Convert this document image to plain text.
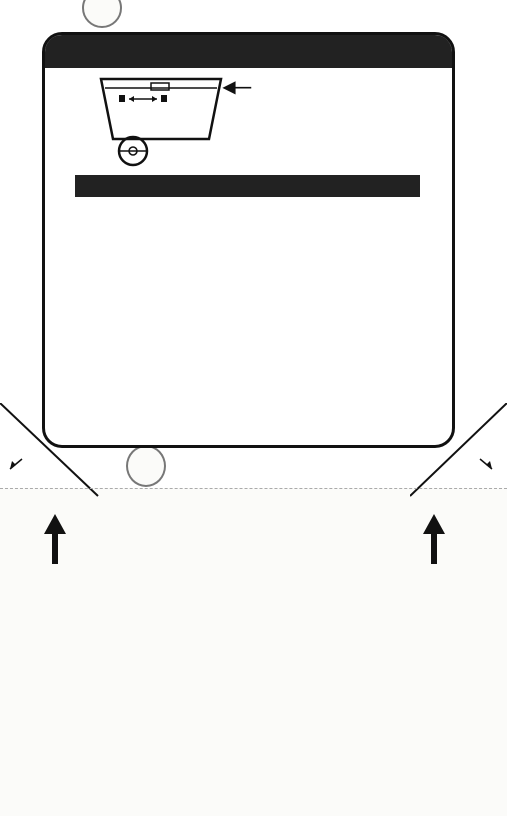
◀—
